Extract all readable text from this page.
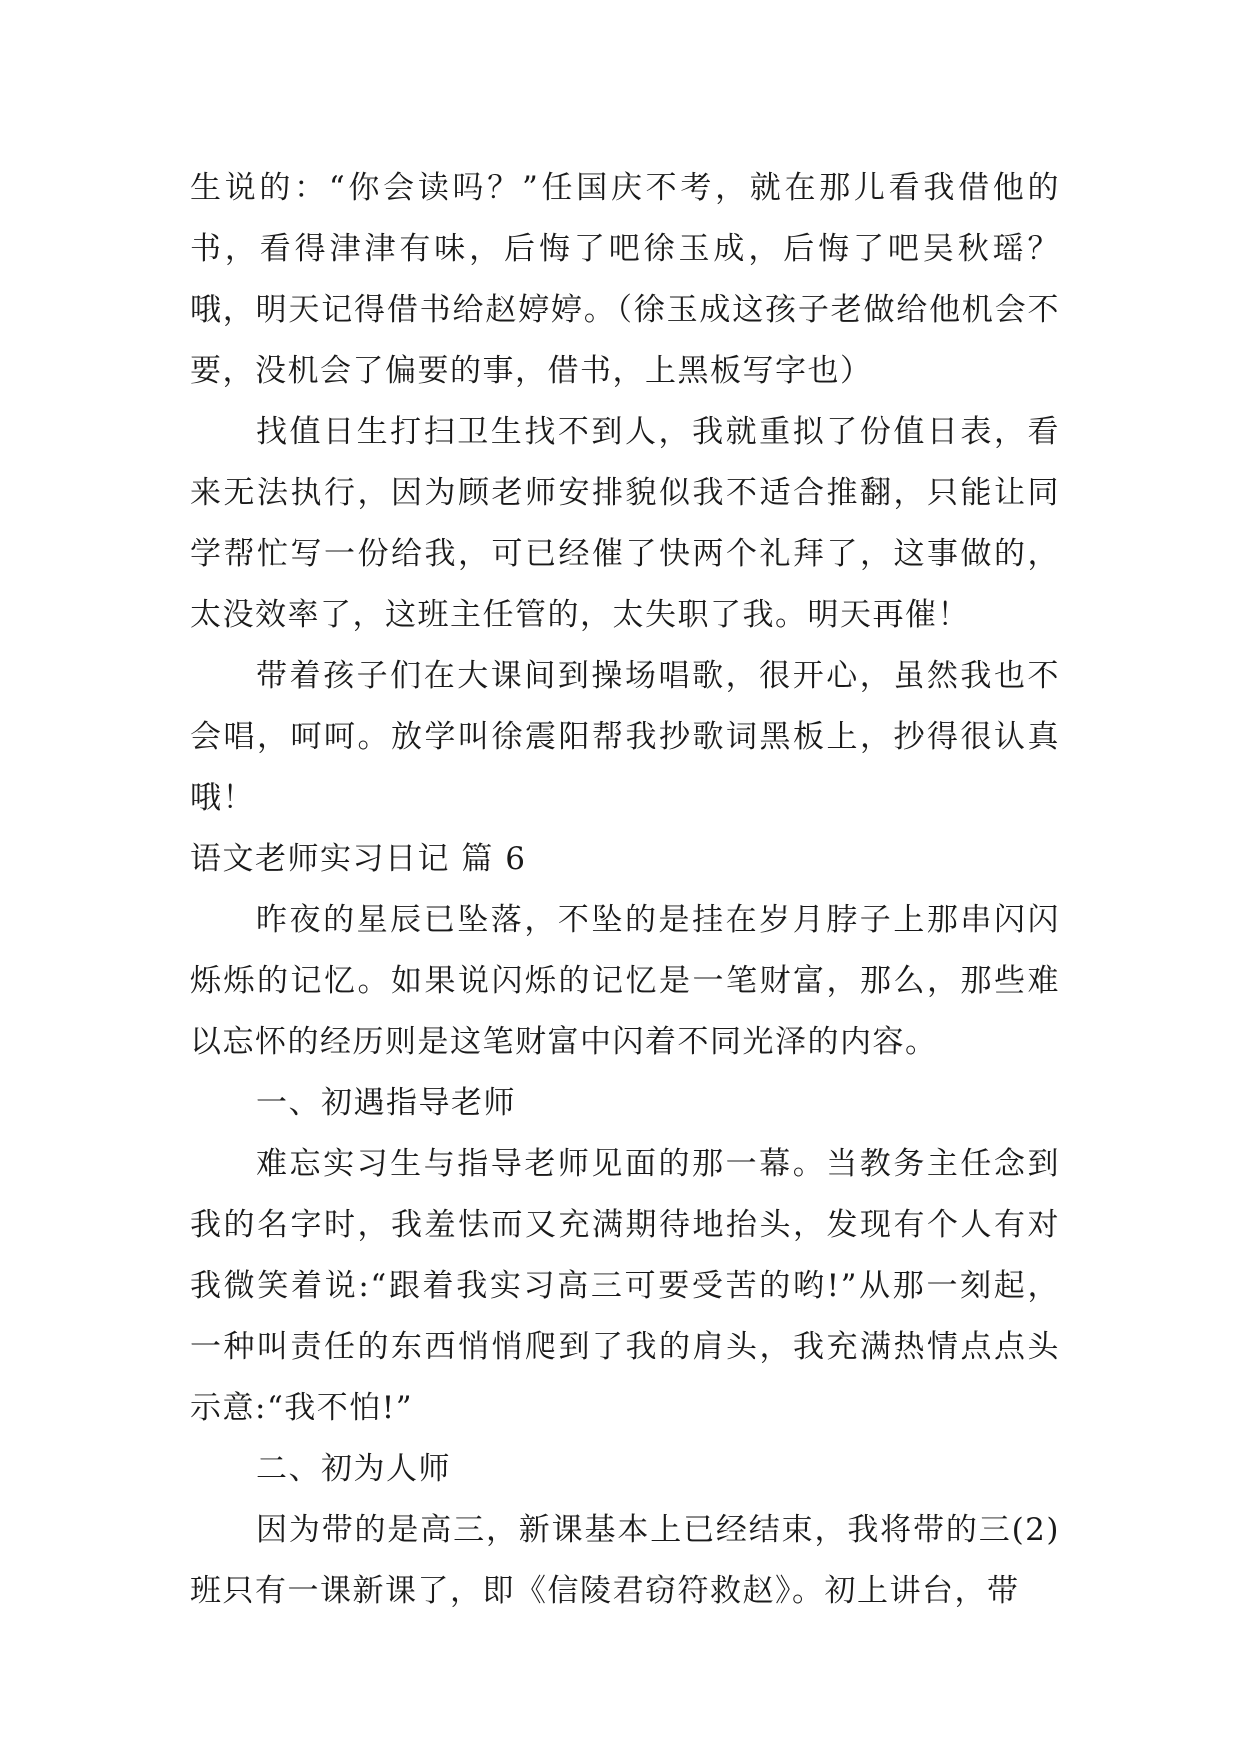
生说的：“你会读吗？”任国庆不考，就在那儿看我借他的书，看得津津有味，后悔了吧徐玉成，后悔了吧吴秋瑶？哦，明天记得借书给赵婷婷。（徐玉成这孩子老做给他机会不要，没机会了偏要的事，借书，上黑板写字也）

找值日生打扫卫生找不到人，我就重拟了份值日表，看来无法执行，因为顾老师安排貌似我不适合推翻，只能让同学帮忙写一份给我，可已经催了快两个礼拜了，这事做的，太没效率了，这班主任管的，太失职了我。明天再催！

带着孩子们在大课间到操场唱歌，很开心，虽然我也不会唱，呵呵。放学叫徐震阳帮我抄歌词黑板上，抄得很认真哦！

语文老师实习日记 篇 6

昨夜的星辰已坠落，不坠的是挂在岁月脖子上那串闪闪烁烁的记忆。如果说闪烁的记忆是一笔财富，那么，那些难以忘怀的经历则是这笔财富中闪着不同光泽的内容。

一、初遇指导老师

难忘实习生与指导老师见面的那一幕。当教务主任念到我的名字时，我羞怯而又充满期待地抬头，发现有个人有对我微笑着说:“跟着我实习高三可要受苦的哟!”从那一刻起，一种叫责任的东西悄悄爬到了我的肩头，我充满热情点点头示意:“我不怕!”

二、初为人师

因为带的是高三，新课基本上已经结束，我将带的三(2)班只有一课新课了，即《信陵君窃符救赵》。初上讲台，带
